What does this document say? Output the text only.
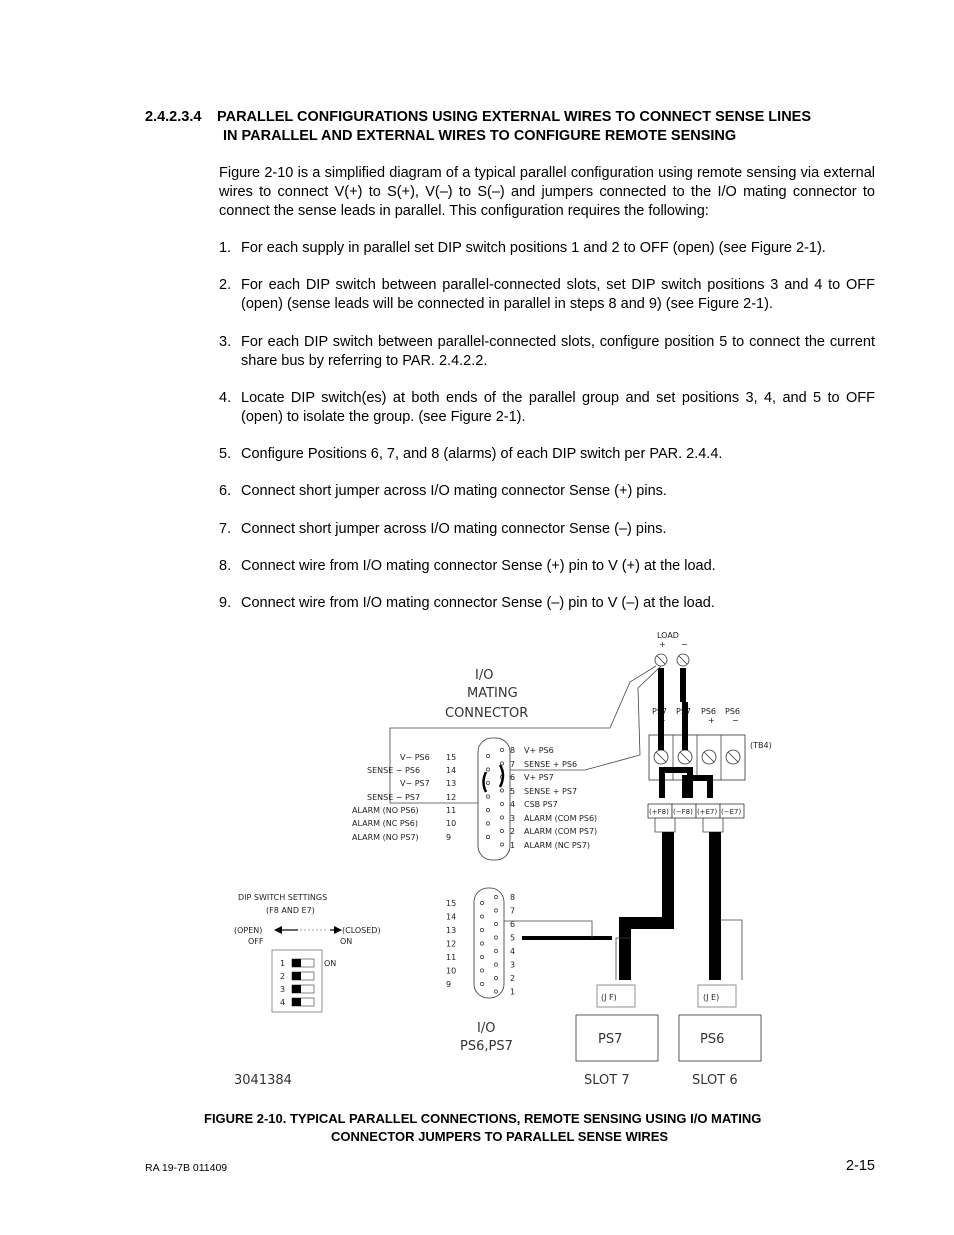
2.4.2.3.4 PARALLEL CONFIGURATIONS USING EXTERNAL WIRES TO CONNECT SENSE LINES
IN PARALLEL AND EXTERNAL WIRES TO CONFIGURE REMOTE SENSING
Figure 2-10 is a simplified diagram of a typical parallel configuration using remote sensing via external wires to connect V(+) to S(+), V(–) to S(–) and jumpers connected to the I/O mating connector to connect the sense leads in parallel. This configuration requires the following:
1. For each supply in parallel set DIP switch positions 1 and 2 to OFF (open) (see Figure 2-1).
2. For each DIP switch between parallel-connected slots, set DIP switch positions 3 and 4 to OFF (open) (sense leads will be connected in parallel in steps 8 and 9) (see Figure 2-1).
3. For each DIP switch between parallel-connected slots, configure position 5 to connect the current share bus by referring to PAR. 2.4.2.2.
4. Locate DIP switch(es) at both ends of the parallel group and set positions 3, 4, and 5 to OFF (open) to isolate the group. (see Figure 2-1).
5. Configure Positions 6, 7, and 8 (alarms) of each DIP switch per PAR. 2.4.4.
6. Connect short jumper across I/O mating connector Sense (+) pins.
7. Connect short jumper across I/O mating connector Sense (–) pins.
8. Connect wire from I/O mating connector Sense (+) pin to V (+) at the load.
9. Connect wire from I/O mating connector Sense (–) pin to V (–) at the load.
LOAD
+ −
I/O
MATING
CONNECTOR
V− PS6 15
SENSE − PS6	14
V− PS7 13
SENSE − PS7	12
ALARM (NO PS6)	11
ALARM (NC PS6)	10
ALARM (NO PS7)	9
8 V+ PS6
7 SENSE + PS6
6 V+ PS7
5 SENSE + PS7
4 CSB PS7
3 ALARM (COM PS6)
2 ALARM (COM PS7)
1 ALARM (NC PS7)
PS7
+
PS7
−
PS6
+
PS6
−
(TB4)
(+F8) (−F8) (+E7) (−E7)
DIP SWITCH SETTINGS
(F8 AND E7)
(OPEN)	(CLOSED)
OFF	ON
ON
1
2
3
4
15
14
13
12
11
10
9
8
7
6
5
4
3
2
1
I/O
PS6,PS7
(J F)	(J E)
PS7	PS6
SLOT 7	SLOT 6
3041384
FIGURE 2-10. TYPICAL PARALLEL CONNECTIONS, REMOTE SENSING USING I/O MATING
CONNECTOR JUMPERS TO PARALLEL SENSE WIRES
RA 19-7B 011409	2-15
